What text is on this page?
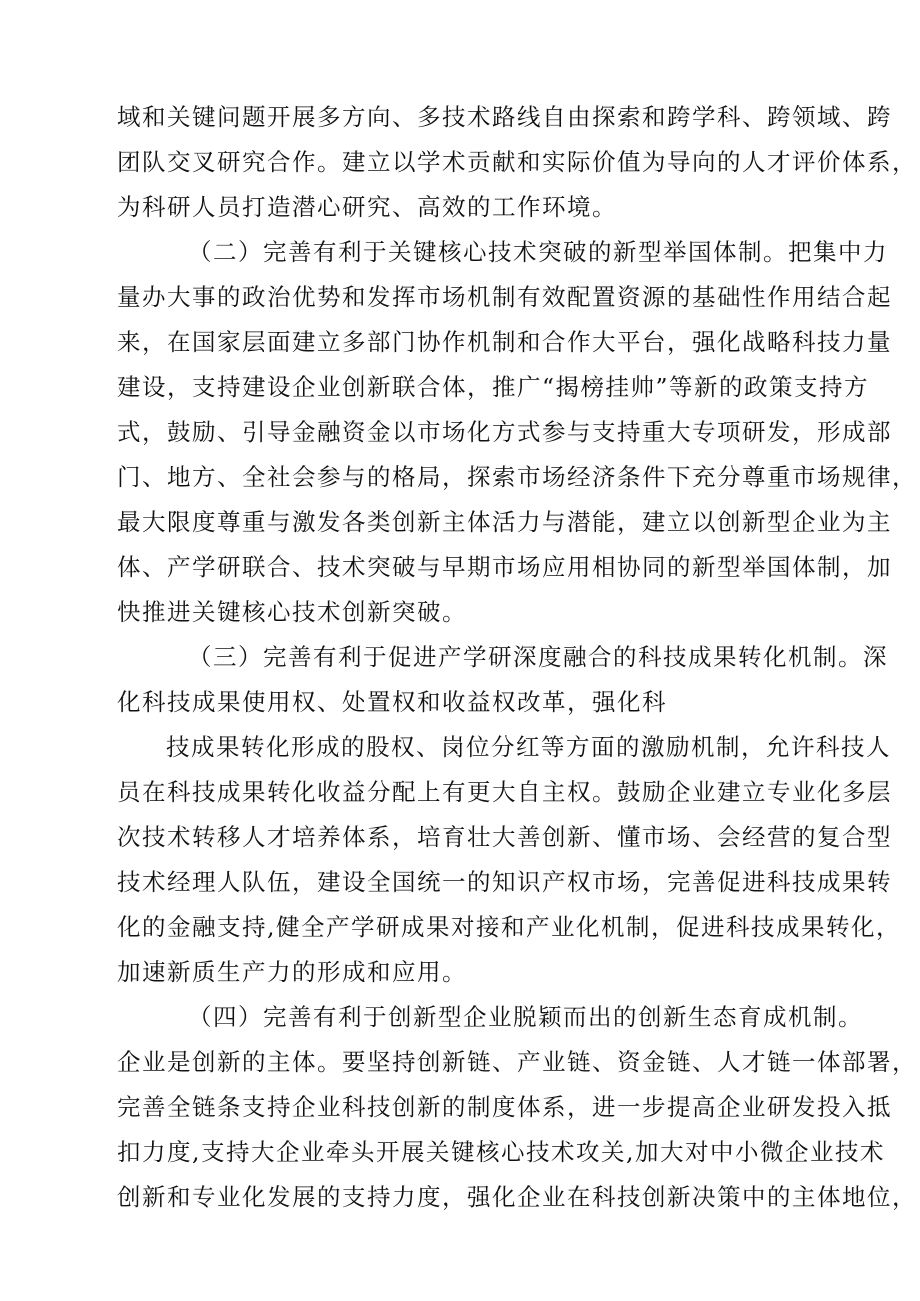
域和关键问题开展多方向、多技术路线自由探索和跨学科、跨领域、跨
团队交叉研究合作。建立以学术贡献和实际价值为导向的人才评价体系，
为科研人员打造潜心研究、高效的工作环境。
（二）完善有利于关键核心技术突破的新型举国体制。把集中力
量办大事的政治优势和发挥市场机制有效配置资源的基础性作用结合起
来，在国家层面建立多部门协作机制和合作大平台，强化战略科技力量
建设，支持建设企业创新联合体，推广“揭榜挂帅”等新的政策支持方
式，鼓励、引导金融资金以市场化方式参与支持重大专项研发，形成部
门、地方、全社会参与的格局，探索市场经济条件下充分尊重市场规律，
最大限度尊重与激发各类创新主体活力与潜能，建立以创新型企业为主
体、产学研联合、技术突破与早期市场应用相协同的新型举国体制，加
快推进关键核心技术创新突破。
（三）完善有利于促进产学研深度融合的科技成果转化机制。深
化科技成果使用权、处置权和收益权改革，强化科
技成果转化形成的股权、岗位分红等方面的激励机制，允许科技人
员在科技成果转化收益分配上有更大自主权。鼓励企业建立专业化多层
次技术转移人才培养体系，培育壮大善创新、懂市场、会经营的复合型
技术经理人队伍，建设全国统一的知识产权市场，完善促进科技成果转
化的金融支持,健全产学研成果对接和产业化机制，促进科技成果转化，
加速新质生产力的形成和应用。
（四）完善有利于创新型企业脱颖而出的创新生态育成机制。
企业是创新的主体。要坚持创新链、产业链、资金链、人才链一体部署，
完善全链条支持企业科技创新的制度体系，进一步提高企业研发投入抵
扣力度,支持大企业牵头开展关键核心技术攻关,加大对中小微企业技术
创新和专业化发展的支持力度，强化企业在科技创新决策中的主体地位，
